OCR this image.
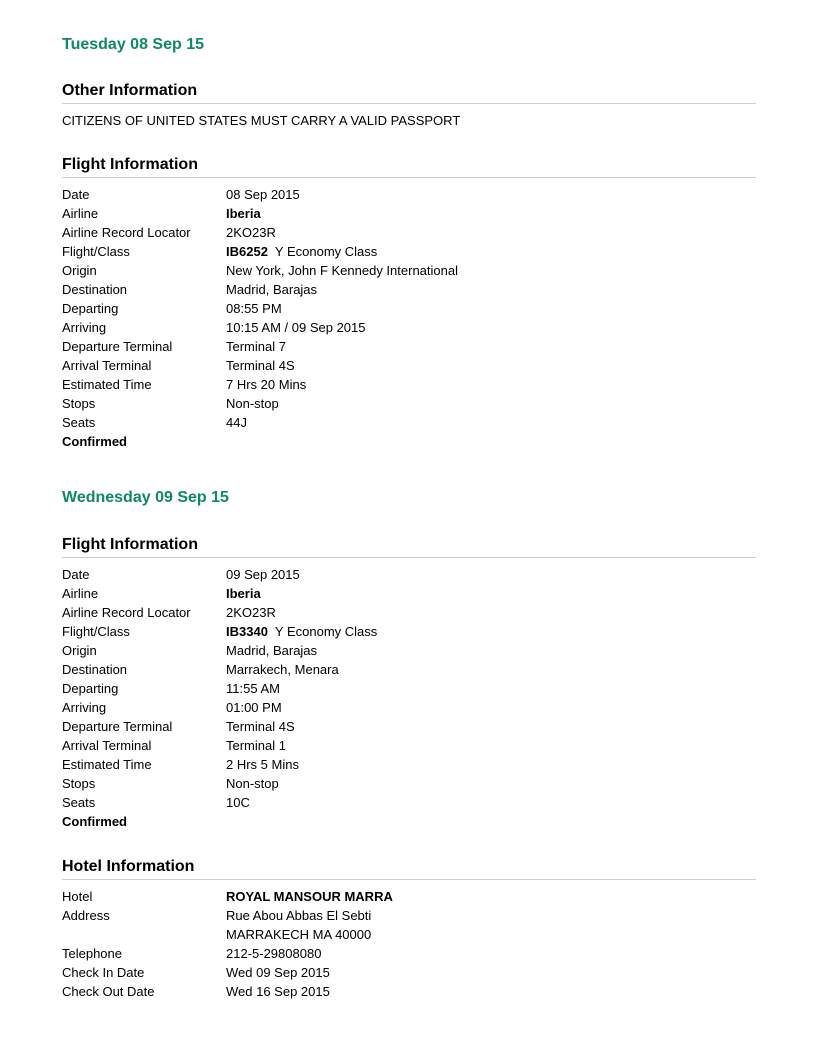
Tuesday 08 Sep 15
Other Information
CITIZENS OF UNITED STATES MUST CARRY A VALID PASSPORT
Flight Information
Date	08 Sep 2015
Airline	Iberia
Airline Record Locator	2KO23R
Flight/Class	IB6252 Y Economy Class
Origin	New York, John F Kennedy International
Destination	Madrid, Barajas
Departing	08:55 PM
Arriving	10:15 AM / 09 Sep 2015
Departure Terminal	Terminal 7
Arrival Terminal	Terminal 4S
Estimated Time	7 Hrs 20 Mins
Stops	Non-stop
Seats	44J
Confirmed
Wednesday 09 Sep 15
Flight Information
Date	09 Sep 2015
Airline	Iberia
Airline Record Locator	2KO23R
Flight/Class	IB3340 Y Economy Class
Origin	Madrid, Barajas
Destination	Marrakech, Menara
Departing	11:55 AM
Arriving	01:00 PM
Departure Terminal	Terminal 4S
Arrival Terminal	Terminal 1
Estimated Time	2 Hrs 5 Mins
Stops	Non-stop
Seats	10C
Confirmed
Hotel Information
Hotel	ROYAL MANSOUR MARRA
Address	Rue Abou Abbas El Sebti
MARRAKECH MA 40000
Telephone	212-5-29808080
Check In Date	Wed 09 Sep 2015
Check Out Date	Wed 16 Sep 2015
